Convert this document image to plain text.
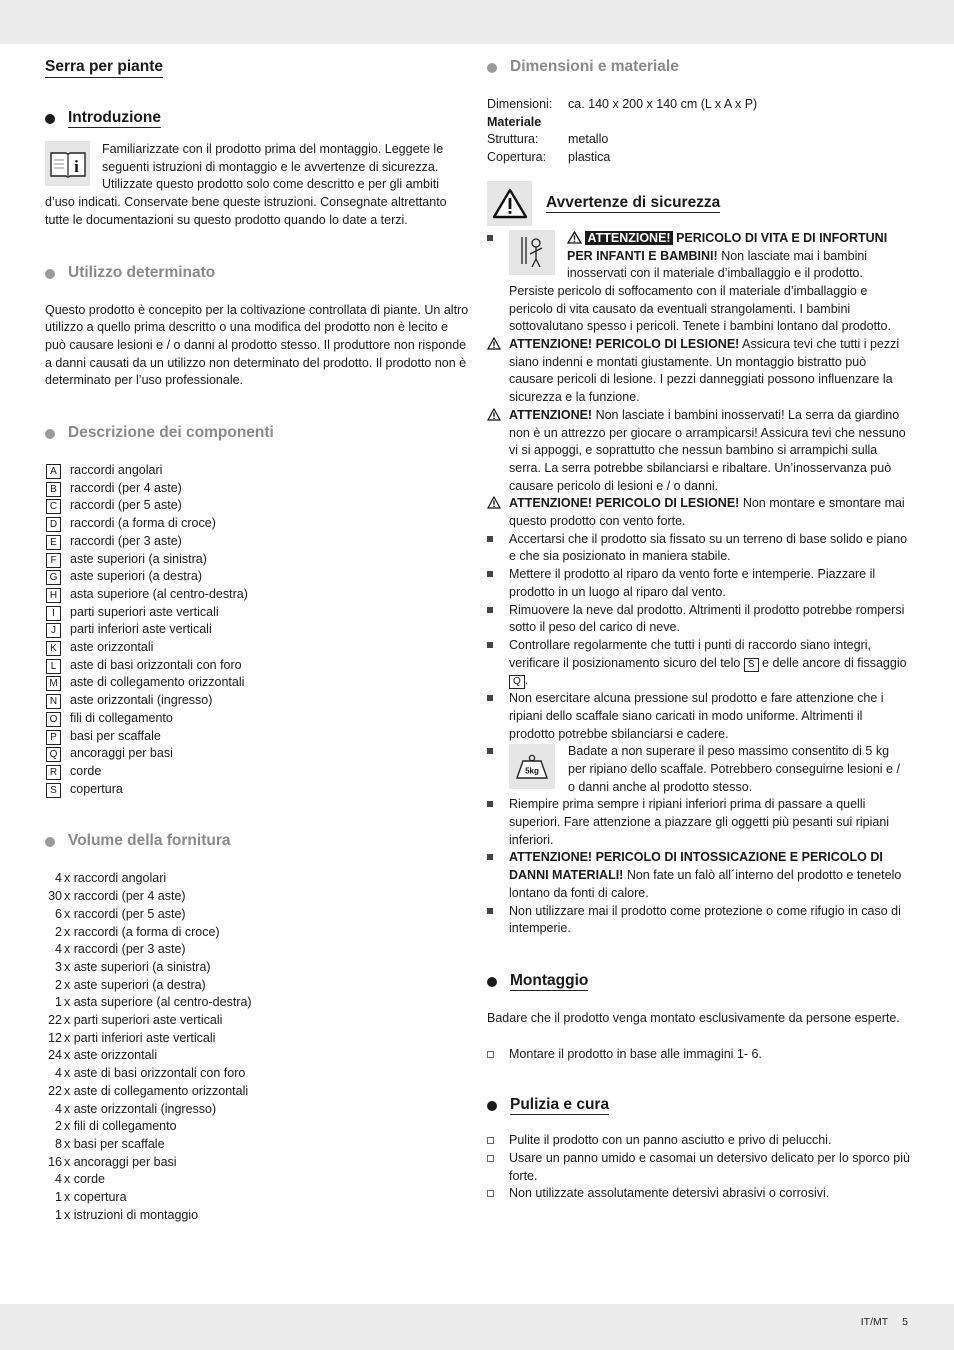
Serra per piante
Introduzione
i

Familiarizzate con il prodotto prima del montaggio. Leggete le seguenti istruzioni di montaggio e le avvertenze di sicurezza. Utilizzate questo prodotto solo come descritto e per gli ambiti d’uso indicati. Conservate bene queste istruzioni. Consegnate altrettanto tutte le documentazioni su questo prodotto quando lo date a terzi.

Utilizzo determinato

Questo prodotto è concepito per la coltivazione controllata di piante. Un altro utilizzo a quello prima descritto o una modifica del prodotto non è lecito e può causare lesioni e / o danni al prodotto stesso. Il produttore non risponde a danni causati da un utilizzo non determinato del prodotto. Il prodotto non è determinato per l’uso professionale.

Descrizione dei componenti
A	raccordi angolari
B	raccordi (per 4 aste)
C	raccordi (per 5 aste)
D	raccordi (a forma di croce)
E	raccordi (per 3 aste)
F	aste superiori (a sinistra)
G aste superiori (a destra)
H	asta superiore (al centro-destra)
I	parti superiori aste verticali
J	parti inferiori aste verticali
K	aste orizzontali
L	aste di basi orizzontali con foro
M aste di collegamento orizzontali
N	aste orizzontali (ingresso)
O fili di collegamento
P	basi per scaffale
Q ancoraggi per basi
R	corde
S	copertura
Volume della fornitura
4 x raccordi angolari
30 x raccordi (per 4 aste)
6 x raccordi (per 5 aste)
2 x raccordi (a forma di croce)
4 x raccordi (per 3 aste)
3 x aste superiori (a sinistra)
2 x aste superiori (a destra)
1 x asta superiore (al centro-destra)
22 x parti superiori aste verticali
12 x parti inferiori aste verticali
24 x aste orizzontali
4 x aste di basi orizzontali con foro
22 x aste di collegamento orizzontali
4 x aste orizzontali (ingresso)
2 x fili di collegamento
8 x basi per scaffale
16 x ancoraggi per basi
4 x corde
1 x copertura
1 x istruzioni di montaggio
Dimensioni e materiale
Dimensioni:	ca. 140 x 200 x 140 cm (L x A x P)
Materiale
Struttura:	metallo
Copertura:	plastica
Avvertenze di sicurezza

ATTENZIONE! PERICOLO DI VITA E DI INFORTUNI PER INFANTI E BAMBINI! Non lasciate mai i bambini inosservati con il materiale d’imballaggio e il prodotto.

Persiste pericolo di soffocamento con il materiale d’imballaggio e pericolo di vita causato da eventuali strangolamenti. I bambini sottovalutano spesso i pericoli. Tenete i bambini lontano dal prodotto.

ATTENZIONE! PERICOLO DI LESIONE! Assicura tevi che tutti i pezzi siano indenni e montati giustamente. Un montaggio bistratto può causare pericoli di lesione. I pezzi danneggiati possono influenzare la sicurezza e la funzione.

ATTENZIONE! Non lasciate i bambini inosservati! La serra da giardino non è un attrezzo per giocare o arrampicarsi! Assicura tevi che nessuno vi si appoggi, e soprattutto che nessun bambino si arrampichi sulla serra. La serra potrebbe sbilanciarsi e ribaltare. Un’inosservanza può causare pericolo di lesioni e / o danni.

ATTENZIONE! PERICOLO DI LESIONE! Non montare e smontare mai questo prodotto con vento forte.

Accertarsi che il prodotto sia fissato su un terreno di base solido e piano e che sia posizionato in maniera stabile.

Mettere il prodotto al riparo da vento forte e intemperie. Piazzare il prodotto in un luogo al riparo dal vento.

Rimuovere la neve dal prodotto. Altrimenti il prodotto potrebbe rompersi sotto il peso del carico di neve.

Controllare regolarmente che tutti i punti di raccordo siano integri, verificare il posizionamento sicuro del telo S e delle ancore di fissaggio Q .

Non esercitare alcuna pressione sul prodotto e fare attenzione che i ripiani dello scaffale siano caricati in modo uniforme. Altrimenti il prodotto potrebbe sbilanciarsi e cadere.

5kg

Badate a non superare il peso massimo consentito di 5 kg per ripiano dello scaffale. Potrebbero conseguirne lesioni e / o danni anche al prodotto stesso.

Riempire prima sempre i ripiani inferiori prima di passare a quelli superiori. Fare attenzione a piazzare gli oggetti più pesanti sui ripiani inferiori.

ATTENZIONE! PERICOLO DI INTOSSICAZIONE E PERICOLO DI DANNI MATERIALI! Non fate un falò all´interno del prodotto e tenetelo lontano da fonti di calore.

Non utilizzare mai il prodotto come protezione o come rifugio in caso di intemperie.

Montaggio

Badare che il prodotto venga montato esclusivamente da persone esperte.

Montare il prodotto in base alle immagini 1- 6.

Pulizia e cura

Pulite il prodotto con un panno asciutto e privo di pelucchi.

Usare un panno umido e casomai un detersivo delicato per lo sporco più forte.

Non utilizzate assolutamente detersivi abrasivi o corrosivi.

IT/MT 5
